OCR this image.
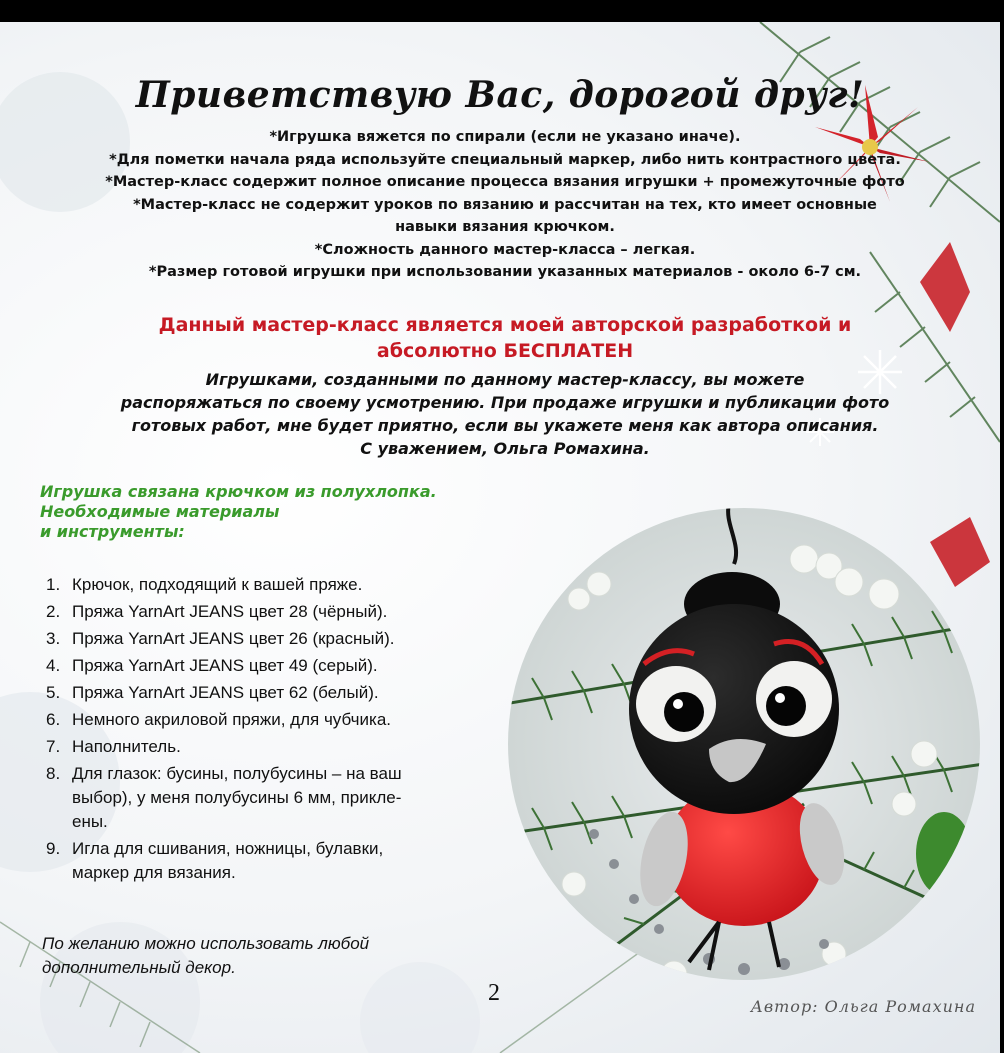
Приветствую Вас, дорогой друг!
*Игрушка вяжется по спирали (если не указано иначе).
*Для пометки начала ряда используйте специальный маркер, либо нить контрастного цвета.
*Мастер-класс содержит полное описание процесса вязания игрушки + промежуточные фото
*Мастер-класс не содержит уроков по вязанию и рассчитан на тех, кто имеет основные
навыки вязания крючком.
*Сложность данного мастер-класса – легкая.
*Размер готовой игрушки при использовании указанных материалов - около 6-7 см.
Данный мастер-класс является моей авторской разработкой и
абсолютно БЕСПЛАТЕН
Игрушками, созданными по данному мастер-классу, вы можете
распоряжаться по своему усмотрению. При продаже игрушки и публикации фото
готовых работ, мне будет приятно, если вы укажете меня как автора описания.
С уважением, Ольга Ромахина.
Игрушка связана крючком из полухлопка.
Необходимые материалы
и инструменты:
1. Крючок, подходящий к вашей пряже.
2. Пряжа YarnArt JEANS цвет 28 (чёрный).
3. Пряжа YarnArt JEANS цвет 26 (красный).
4. Пряжа YarnArt JEANS цвет 49 (серый).
5. Пряжа YarnArt JEANS цвет 62 (белый).
6. Немного акриловой пряжи, для чубчика.
7. Наполнитель.
8. Для глазок: бусины, полубусины – на ваш
выбор), у меня полубусины 6 мм, прикле-
ены.
9. Игла для сшивания, ножницы, булавки,
маркер для вязания.
По желанию можно использовать любой
дополнительный декор.
2
Автор: Ольга Ромахина
